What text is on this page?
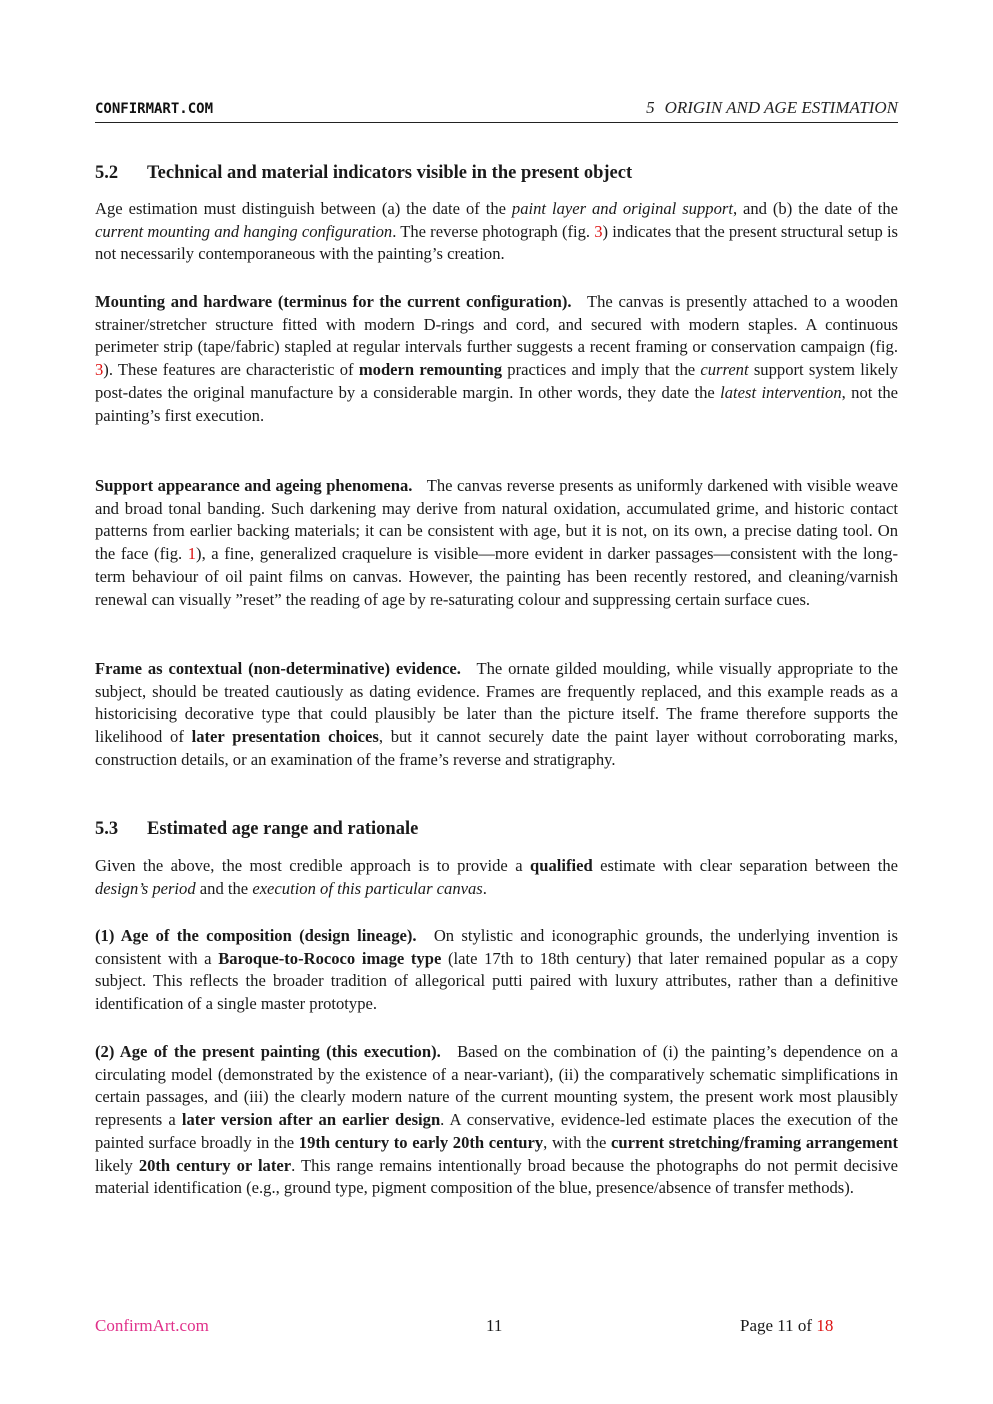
CONFIRMART.COM	5 ORIGIN AND AGE ESTIMATION
5.2 Technical and material indicators visible in the present object

Age estimation must distinguish between (a) the date of the paint layer and original support, and (b) the date of the current mounting and hanging configuration. The reverse photograph (fig. 3) indicates that the present structural setup is not necessarily contemporaneous with the painting’s creation.

Mounting and hardware (terminus for the current configuration). The canvas is presently attached to a wooden strainer/stretcher structure fitted with modern D-rings and cord, and secured with modern staples. A continuous perimeter strip (tape/fabric) stapled at regular intervals further suggests a recent framing or conservation campaign (fig. 3). These features are characteristic of modern remounting practices and imply that the current support system likely post-dates the original manufacture by a considerable margin. In other words, they date the latest intervention, not the painting’s first execution.

Support appearance and ageing phenomena. The canvas reverse presents as uniformly darkened with visible weave and broad tonal banding. Such darkening may derive from natural oxidation, accumulated grime, and historic contact patterns from earlier backing materials; it can be consistent with age, but it is not, on its own, a precise dating tool. On the face (fig. 1), a fine, generalized craquelure is visible—more evident in darker passages—consistent with the long-term behaviour of oil paint films on canvas. However, the painting has been recently restored, and cleaning/varnish renewal can visually ”reset” the reading of age by re-saturating colour and suppressing certain surface cues.

Frame as contextual (non-determinative) evidence. The ornate gilded moulding, while visually appropriate to the subject, should be treated cautiously as dating evidence. Frames are frequently replaced, and this example reads as a historicising decorative type that could plausibly be later than the picture itself. The frame therefore supports the likelihood of later presentation choices, but it cannot securely date the paint layer without corroborating marks, construction details, or an examination of the frame’s reverse and stratigraphy.

5.3 Estimated age range and rationale

Given the above, the most credible approach is to provide a qualified estimate with clear separation between the design’s period and the execution of this particular canvas.

(1) Age of the composition (design lineage). On stylistic and iconographic grounds, the underlying invention is consistent with a Baroque-to-Rococo image type (late 17th to 18th century) that later remained popular as a copy subject. This reflects the broader tradition of allegorical putti paired with luxury attributes, rather than a definitive identification of a single master prototype.

(2) Age of the present painting (this execution). Based on the combination of (i) the painting’s dependence on a circulating model (demonstrated by the existence of a near-variant), (ii) the comparatively schematic simplifications in certain passages, and (iii) the clearly modern nature of the current mounting system, the present work most plausibly represents a later version after an earlier design. A conservative, evidence-led estimate places the execution of the painted surface broadly in the 19th century to early 20th century, with the current stretching/framing arrangement likely 20th century or later. This range remains intentionally broad because the photographs do not permit decisive material identification (e.g., ground type, pigment composition of the blue, presence/absence of transfer methods).

ConfirmArt.com	11	Page 11 of 18
